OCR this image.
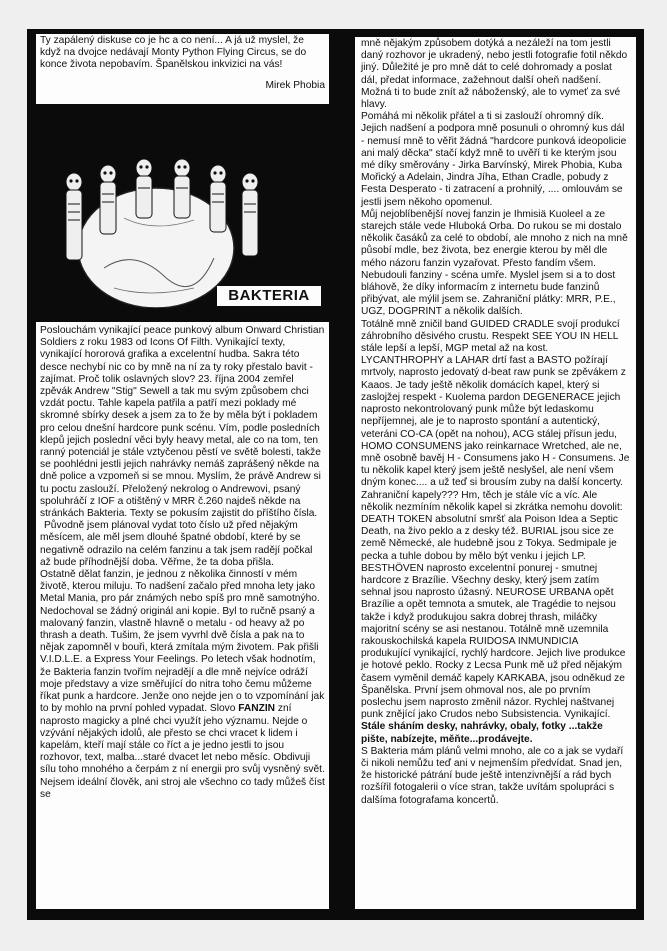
Ty zapálený diskuse co je hc a co není... A já už myslel, že když na dvojce nedávají Monty Python Flying Circus, se do konce života nepobavím. Španělskou inkvizici na vás!

Mirek Phobia

BAKTERIA

Poslouchám vynikající peace punkový album Onward Christian Soldiers z roku 1983 od Icons Of Filth. Vynikající texty, vynikající hororová grafika a excelentní hudba. Sakra této desce nechybí nic co by mně na ní za ty roky přestalo bavit - zajímat. Proč tolik oslavných slov? 23. října 2004 zemřel zpěvák Andrew "Stig" Sewell a tak mu svým způsobem chci vzdát poctu. Tahle kapela patřila a patří mezi poklady mé skromné sbírky desek a jsem za to že by měla být i pokladem pro celou dnešní hardcore punk scénu. Vím, podle posledních klepů jejich poslední věci byly heavy metal, ale co na tom, ten ranný potenciál je stále vztyčenou pěstí ve světě bolesti, takže se poohlédni jestli jejich nahrávky nemáš zaprášený někde na dně police a vzpomeň si se mnou. Myslím, že právě Andrew si tu poctu zaslouží. Přeložený nekrolog o Andrewovi, psaný spoluhráčí z IOF a otištěný v MRR č.260 najdeš někde na stránkách Bakteria. Texty se pokusím zajistit do příštího čísla.

Původně jsem plánoval vydat toto číslo už před nějakým měsícem, ale měl jsem dlouhé špatné období, které by se negativně odrazilo na celém fanzinu a tak jsem radějí počkal až bude příhodnější doba. Věřme, že ta doba přišla.

Ostatně dělat fanzin, je jednou z několika činností v mém životě, kterou miluju. To nadšení začalo před mnoha lety jako Metal Mania, pro pár známých nebo spíš pro mně samotnýho. Nedochoval se žádný originál ani kopie. Byl to ručně psaný a malovaný fanzin, vlastně hlavně o metalu - od heavy až po thrash a death. Tušim, že jsem vyvrhl dvě čísla a pak na to nějak zapomněl v bouři, která zmítala mým životem. Pak přišli V.I.D.L.E. a Express Your Feelings. Po letech však hodnotím, že Bakteria fanzin tvořím nejradějí a dle mně nejvíce odráží moje představy a vize směřující do nitra toho čemu můžeme říkat punk a hardcore. Jenže ono nejde jen o to vzpomínání jak to by mohlo na první pohled vypadat. Slovo FANZIN zní naprosto magicky a plné chci využít jeho významu. Nejde o vzývání nějakých idolů, ale přesto se chci vracet k lidem i kapelám, kteří mají stále co říct a je jedno jestli to jsou rozhovor, text, malba...staré dvacet let nebo měsíc. Obdivuji sílu toho mnohého a čerpám z ní energii pro svůj vysněný svět. Nejsem ideální člověk, ani stroj ale všechno co tady můžeš číst se

mně nějakým způsobem dotýká a nezáleží na tom jestli daný rozhovor je ukradený, nebo jestli fotografie fotil někdo jiný. Důležité je pro mně dát to celé dohromady a poslat dál, předat informace, zažehnout další oheň nadšení. Možná ti to bude znít až náboženský, ale to vymeť za své hlavy.

Pomáhá mi několik přátel a ti si zaslouží ohromný dík. Jejich nadšení a podpora mně posunuli o ohromný kus dál - nemusí mně to věřit žádná "hardcore punková ideopolicie ani malý děcka" stačí když mně to uvěří ti ke kterým jsou mé díky směrovány - Jirka Barvínský, Mirek Phobia, Kuba Mořický a Adelain, Jindra Jíha, Ethan Cradle, pobudy z Festa Desperato - ti zatracení a prohnilý, .... omlouvám se jestli jsem někoho opomenul.

Můj nejoblíbenější novej fanzin je Ihmisiä Kuoleel a ze starejch stále vede Hluboká Orba. Do rukou se mi dostalo několik časáků za celé to období, ale mnoho z nich na mně působí mdle, bez života, bez energie kterou by měl dle mého názoru fanzin vyzařovat. Přesto fandím všem. Nebudouli fanziny - scéna umře. Myslel jsem si a to dost bláhově, že díky informacím z internetu bude fanzinů přibývat, ale mýlil jsem se. Zahraniční plátky: MRR, P.E., UGZ, DOGPRINT a několik dalších.

Totálně mně zničil band GUIDED CRADLE svojí produkcí záhrobního děsivého crustu. Respekt SEE YOU IN HELL stále lepší a lepší, MGP metal až na kost. LYCANTHROPHY a LAHAR drtí fast a BASTO požírají mrtvoly, naprosto jedovatý d-beat raw punk se zpěvákem z Kaaos. Je tady ještě několik domácích kapel, který si zaslojžej respekt - Kuolema pardon DEGENERACE jejich naprosto nekontrolovaný punk může být ledaskomu nepříjemnej, ale je to naprosto spontání a autentický, veteráni CO-CA (opět na nohou), ACG stálej přísun jedu, HOMO CONSUMENS jako reinkarnace Wretched, ale ne, mně osobně bavěj H - Consumens jako H - Consumens. Je tu několik kapel který jsem ještě neslyšel, ale není všem dným konec.... a už teď si brousím zuby na další koncerty. Zahraniční kapely??? Hm, těch je stále víc a víc. Ale několik nezmíním několik kapel si zkrátka nemohu dovolit: DEATH TOKEN absolutní smršť ala Poison Idea a Septic Death, na živo peklo a z desky též. BURIAL jsou sice ze země Německé, ale hudebně jsou z Tokya. Sedmipale je pecka a tuhle dobou by mělo být venku i jejich LP. BESTHÖVEN naprosto excelentní ponurej - smutnej hardcore z Brazílie. Všechny desky, který jsem zatím sehnal jsou naprosto úžasný. NEUROSE URBANA opět Brazílie a opět temnota a smutek, ale Tragédie to nejsou takže i když produkujou sakra dobrej thrash, miláčky majoritní scény se asi nestanou. Totálně mně uzemnila rakouskochilská kapela RUIDOSA INMUNDICIA produkující vynikající, rychlý hardcore. Jejich live produkce je hotové peklo. Rocky z Lecsa Punk mě už před nějakým časem vyměnil demáč kapely KARKABA, jsou odněkud ze Španělska. První jsem ohmoval nos, ale po prvním poslechu jsem naprosto změnil názor. Rychlej naštvanej punk znějící jako Crudos nebo Subsistencia. Vynikající.

Stále sháním desky, nahrávky, obaly, fotky ...takže pište, nabízejte, měňte...prodávejte.

S Bakteria mám plánů velmi mnoho, ale co a jak se vydaří či nikoli nemůžu teď ani v nejmenším předvídat. Snad jen, že historické pátrání bude ještě intenzivnější a rád bych rozšířil fotogalerii o více stran, takže uvítám spolupráci s dalšíma fotografama koncertů.
